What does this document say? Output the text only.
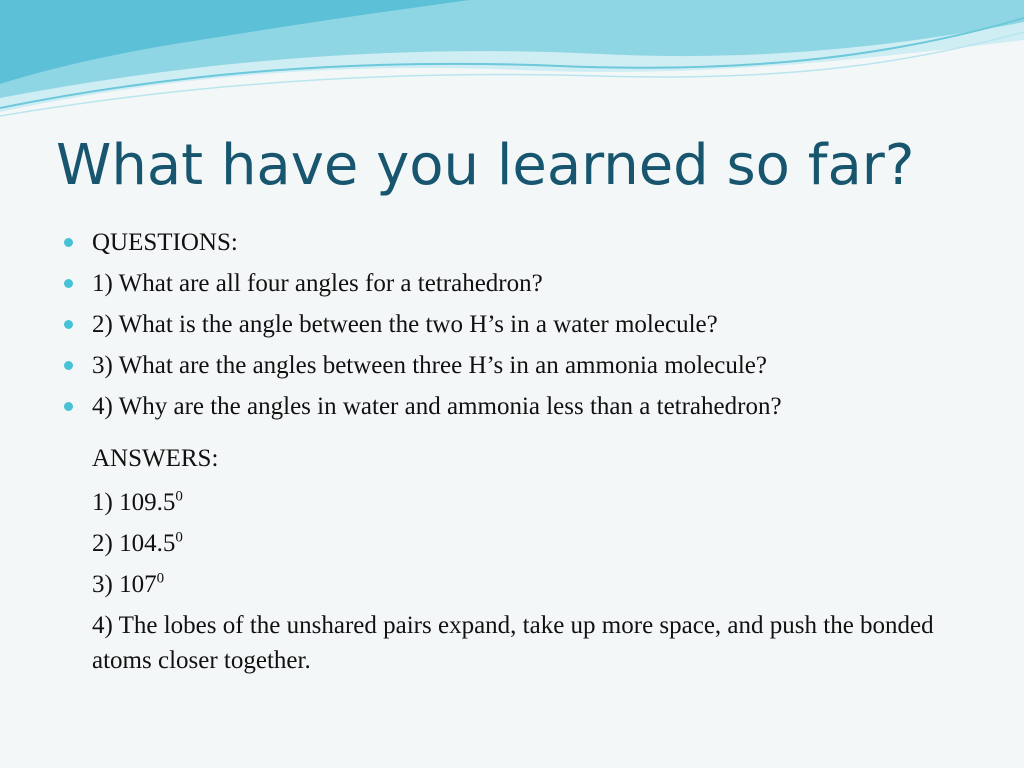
What have you learned so far?
QUESTIONS:
1) What are all four angles for a tetrahedron?
2) What is the angle between the two H’s in a water molecule?
3) What are the angles between three H’s in an ammonia molecule?
4) Why are the angles in water and ammonia less than a tetrahedron?
ANSWERS:
1) 109.5$^0$
2) 104.5$^0$
3) $107^0$
4) The lobes of the unshared pairs expand, take up more space, and push the bonded atoms closer together.
